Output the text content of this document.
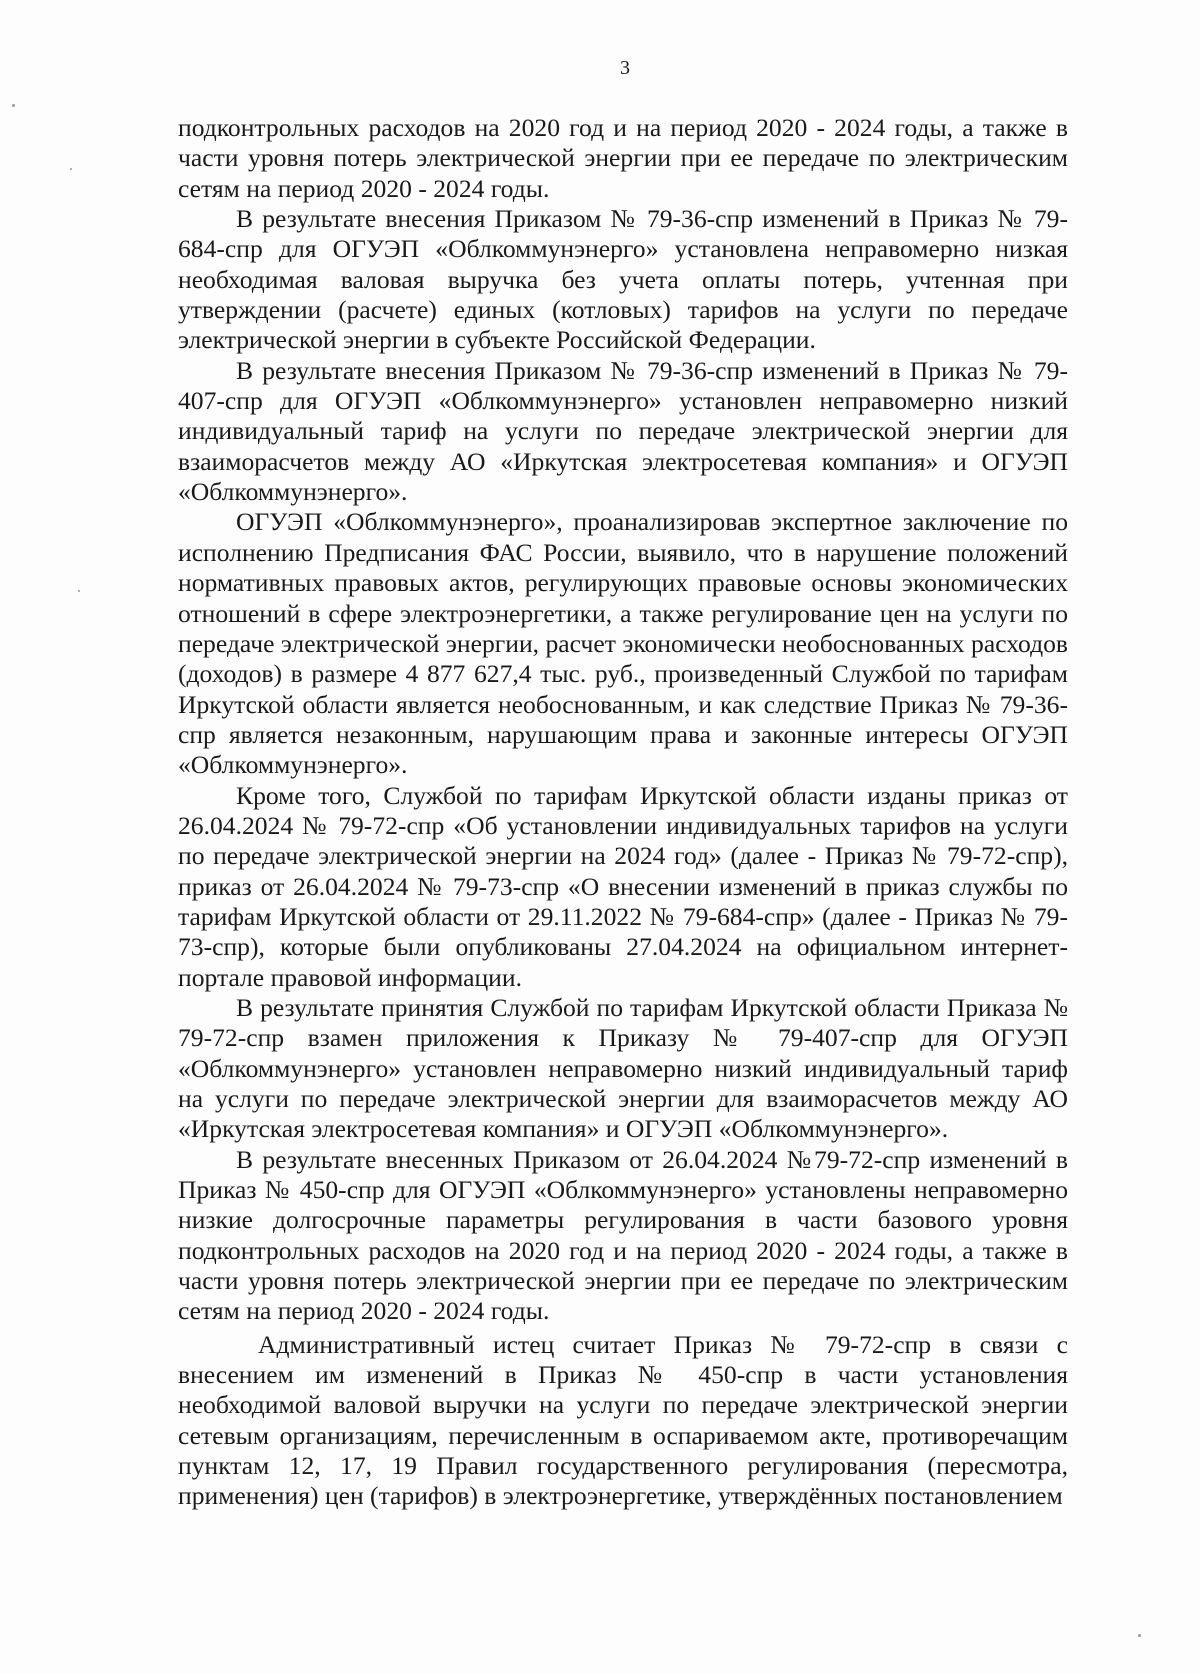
3

подконтрольных расходов на 2020 год и на период 2020 - 2024 годы, а также в части уровня потерь электрической энергии при ее передаче по электрическим сетям на период 2020 - 2024 годы.

В результате внесения Приказом № 79-36-спр изменений в Приказ № 79-684-спр для ОГУЭП «Облкоммунэнерго» установлена неправомерно низкая необходимая валовая выручка без учета оплаты потерь, учтенная при утверждении (расчете) единых (котловых) тарифов на услуги по передаче электрической энергии в субъекте Российской Федерации.

В результате внесения Приказом № 79-36-спр изменений в Приказ № 79-407-спр для ОГУЭП «Облкоммунэнерго» установлен неправомерно низкий индивидуальный тариф на услуги по передаче электрической энергии для взаиморасчетов между АО «Иркутская электросетевая компания» и ОГУЭП «Облкоммунэнерго».

ОГУЭП «Облкоммунэнерго», проанализировав экспертное заключение по исполнению Предписания ФАС России, выявило, что в нарушение положений нормативных правовых актов, регулирующих правовые основы экономических отношений в сфере электроэнергетики, а также регулирование цен на услуги по передаче электрической энергии, расчет экономически необоснованных расходов (доходов) в размере 4 877 627,4 тыс. руб., произведенный Службой по тарифам Иркутской области является необоснованным, и как следствие Приказ № 79-36-спр является незаконным, нарушающим права и законные интересы ОГУЭП «Облкоммунэнерго».

Кроме того, Службой по тарифам Иркутской области изданы приказ от 26.04.2024 № 79-72-спр «Об установлении индивидуальных тарифов на услуги по передаче электрической энергии на 2024 год» (далее - Приказ № 79-72-спр), приказ от 26.04.2024 № 79-73-спр «О внесении изменений в приказ службы по тарифам Иркутской области от 29.11.2022 № 79-684-спр» (далее - Приказ № 79-73-спр), которые были опубликованы 27.04.2024 на официальном интернет-портале правовой информации.

В результате принятия Службой по тарифам Иркутской области Приказа № 79-72-спр взамен приложения к Приказу № 79-407-спр для ОГУЭП «Облкоммунэнерго» установлен неправомерно низкий индивидуальный тариф на услуги по передаче электрической энергии для взаиморасчетов между АО «Иркутская электросетевая компания» и ОГУЭП «Облкоммунэнерго».

В результате внесенных Приказом от 26.04.2024 №79-72-спр изменений в Приказ № 450-спр для ОГУЭП «Облкоммунэнерго» установлены неправомерно низкие долгосрочные параметры регулирования в части базового уровня подконтрольных расходов на 2020 год и на период 2020 - 2024 годы, а также в части уровня потерь электрической энергии при ее передаче по электрическим сетям на период 2020 - 2024 годы.

Административный истец считает Приказ № 79-72-спр в связи с внесением им изменений в Приказ № 450-спр в части установления необходимой валовой выручки на услуги по передаче электрической энергии сетевым организациям, перечисленным в оспариваемом акте, противоречащим пунктам 12, 17, 19 Правил государственного регулирования (пересмотра, применения) цен (тарифов) в электроэнергетике, утверждённых постановлением
